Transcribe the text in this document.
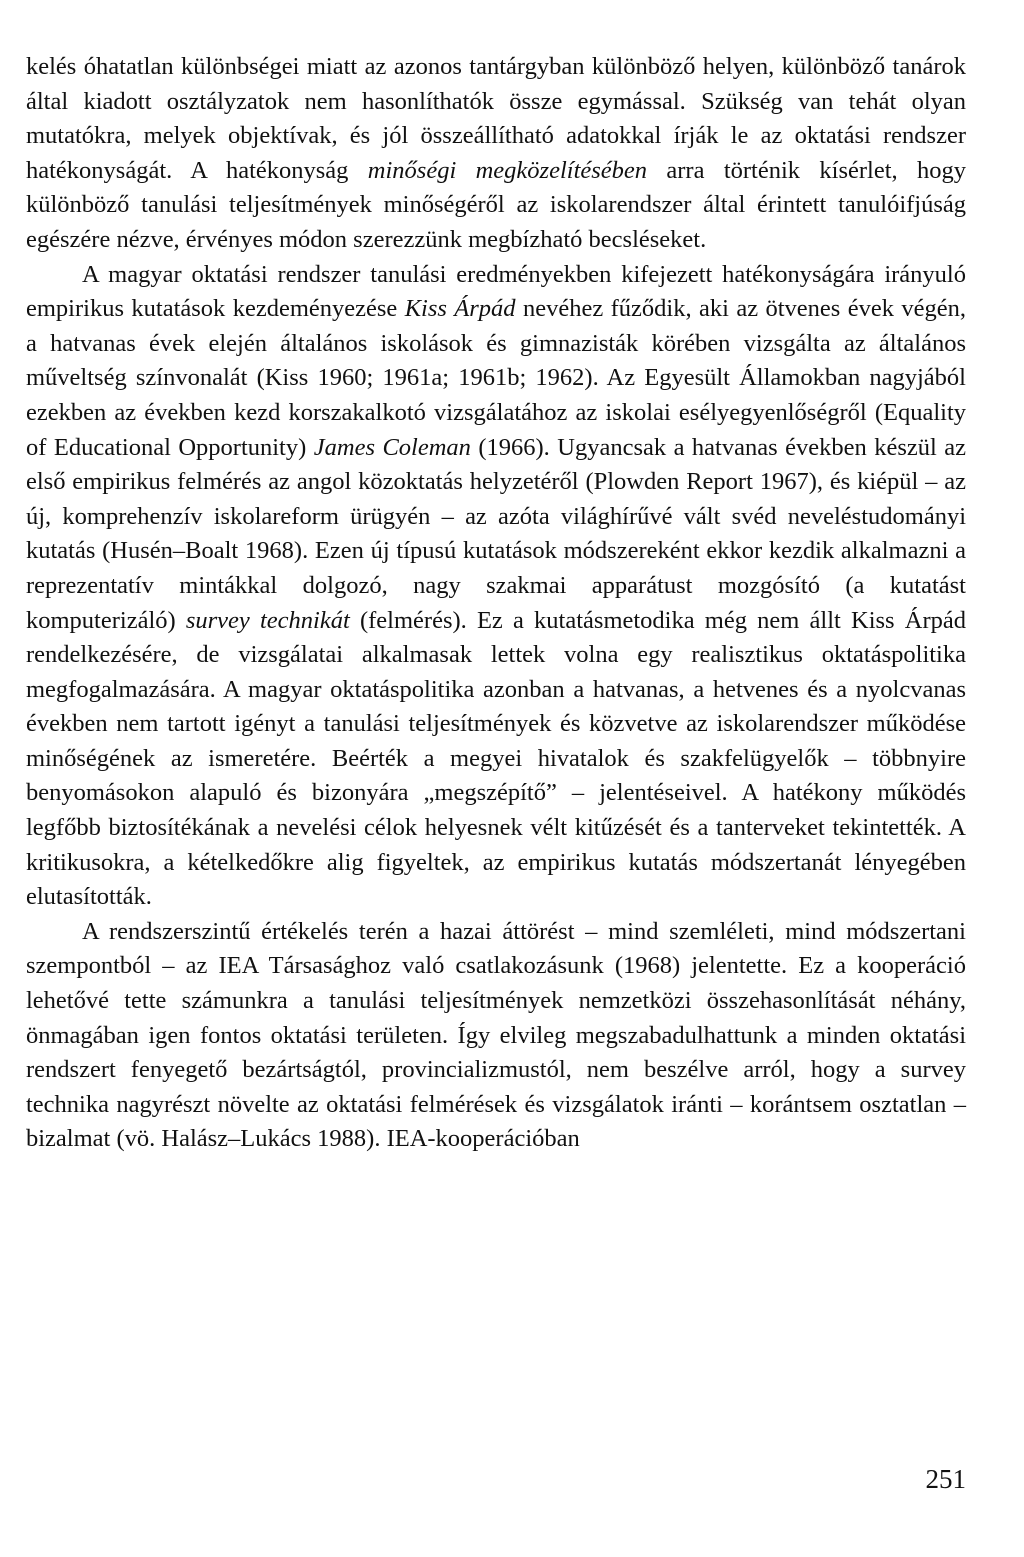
kelés óhatatlan különbségei miatt az azonos tantárgyban különböző helyen, különböző tanárok által kiadott osztályzatok nem hasonlíthatók össze egymással. Szükség van tehát olyan mutatókra, melyek objektívak, és jól összeállítható adatokkal írják le az oktatási rendszer hatékonyságát. A hatékonyság minőségi megközelítésében arra történik kísérlet, hogy különböző tanulási teljesítmények minőségéről az iskolarendszer által érintett tanulóifjúság egészére nézve, érvényes módon szerezzünk megbízható becsléseket.

A magyar oktatási rendszer tanulási eredményekben kifejezett hatékonyságára irányuló empirikus kutatások kezdeményezése Kiss Árpád nevéhez fűződik, aki az ötvenes évek végén, a hatvanas évek elején általános iskolások és gimnazisták körében vizsgálta az általános műveltség színvonalát (Kiss 1960; 1961a; 1961b; 1962). Az Egyesült Államokban nagyjából ezekben az években kezd korszakalkotó vizsgálatához az iskolai esélyegyenlőségről (Equality of Educational Opportunity) James Coleman (1966). Ugyancsak a hatvanas években készül az első empirikus felmérés az angol közoktatás helyzetéről (Plowden Report 1967), és kiépül – az új, komprehenzív iskolareform ürügyén – az azóta világhírűvé vált svéd neveléstudományi kutatás (Husén–Boalt 1968). Ezen új típusú kutatások módszereként ekkor kezdik alkalmazni a reprezentatív mintákkal dolgozó, nagy szakmai apparátust mozgósító (a kutatást komputerizáló) survey technikát (felmérés). Ez a kutatásmetodika még nem állt Kiss Árpád rendelkezésére, de vizsgálatai alkalmasak lettek volna egy realisztikus oktatáspolitika megfogalmazására. A magyar oktatáspolitika azonban a hatvanas, a hetvenes és a nyolcvanas években nem tartott igényt a tanulási teljesítmények és közvetve az iskolarendszer működése minőségének az ismeretére. Beérték a megyei hivatalok és szakfelügyelők – többnyire benyomásokon alapuló és bizonyára „megszépítő” – jelentéseivel. A hatékony működés legfőbb biztosítékának a nevelési célok helyesnek vélt kitűzését és a tanterveket tekintették. A kritikusokra, a kételkedőkre alig figyeltek, az empirikus kutatás módszertanát lényegében elutasították.

A rendszerszintű értékelés terén a hazai áttörést – mind szemléleti, mind módszertani szempontból – az IEA Társasághoz való csatlakozásunk (1968) jelentette. Ez a kooperáció lehetővé tette számunkra a tanulási teljesítmények nemzetközi összehasonlítását néhány, önmagában igen fontos oktatási területen. Így elvileg megszabadulhattunk a minden oktatási rendszert fenyegető bezártságtól, provincializmustól, nem beszélve arról, hogy a survey technika nagyrészt növelte az oktatási felmérések és vizsgálatok iránti – korántsem osztatlan – bizalmat (vö. Halász–Lukács 1988). IEA-kooperációban

251
